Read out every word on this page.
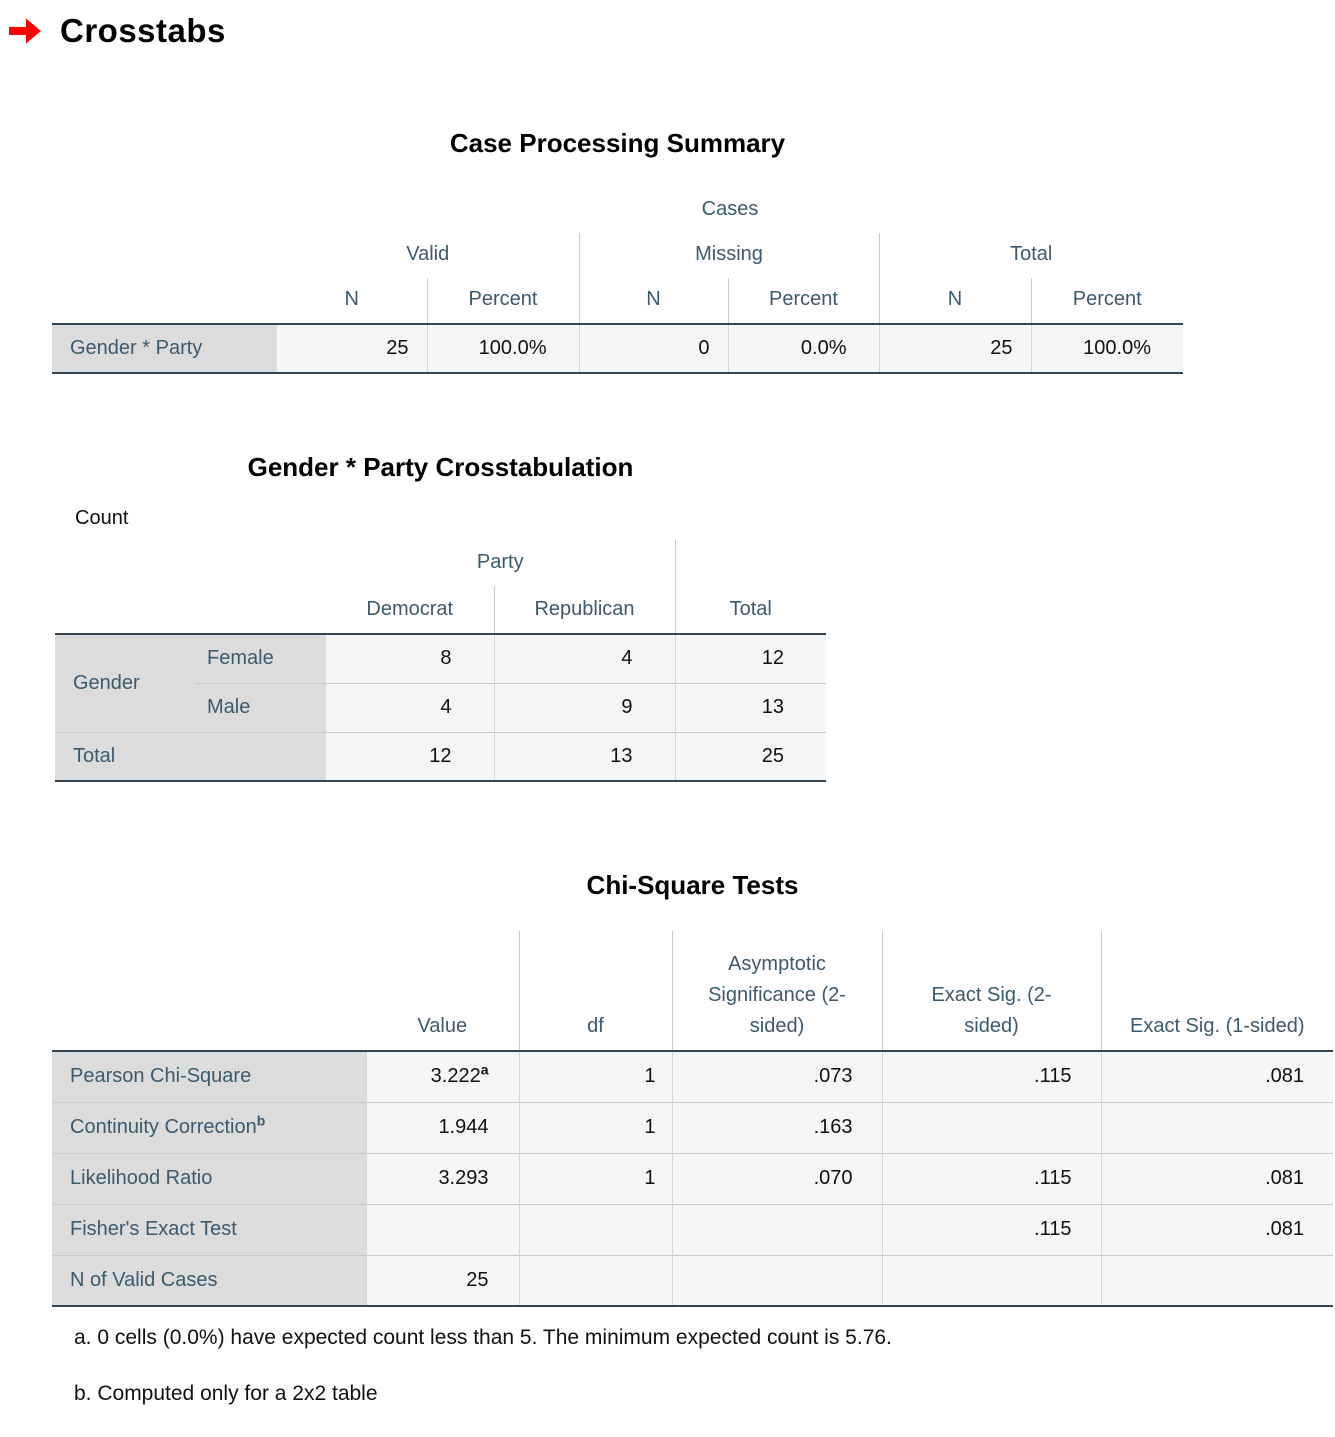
Crosstabs
Case Processing Summary
	Cases					
	Valid		Missing		Total	
	N	Percent	N	Percent	N	Percent
Gender * Party	25	100.0%	0	0.0%	25	100.0%
Gender * Party Crosstabulation
Count
		Party		
		Democrat	Republican	Total
Gender	Female	8	4	12
	Male	4	9	13
Total		12	13	25
Chi-Square Tests
	Value	df	Asymptotic Significance (2-sided)	Exact Sig. (2-sided)	Exact Sig. (1-sided)
Pearson Chi-Square	3.222$^a$	1	.073	.115	.081
Continuity Correction$^b$	1.944	1	.163		
Likelihood Ratio	3.293	1	.070	.115	.081
Fisher's Exact Test				.115	.081
N of Valid Cases	25				
a. 0 cells (0.0%) have expected count less than 5. The minimum expected count is 5.76.
b. Computed only for a 2x2 table
